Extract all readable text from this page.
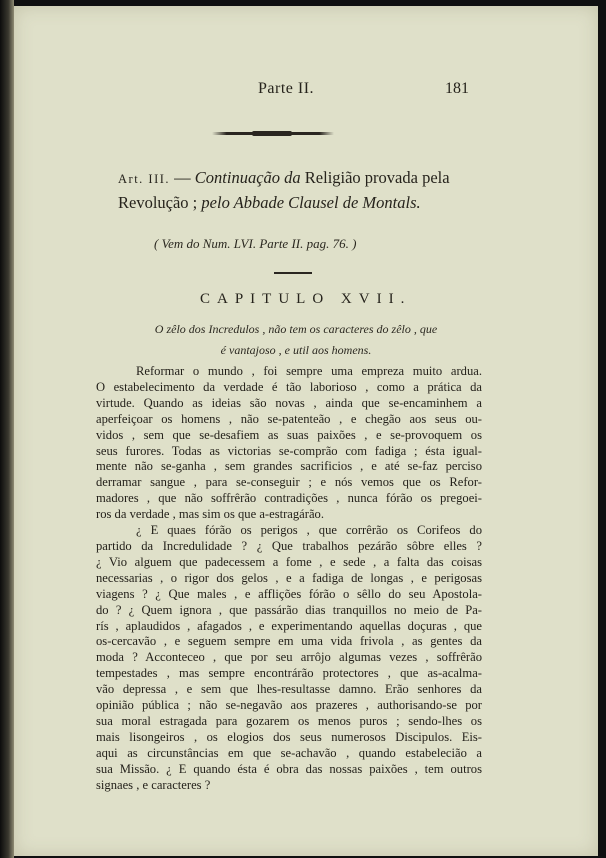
Parte II.	181
Art. III. — Continuação da Religião provada pela Revolução ; pelo Abbade Clausel de Montals.
( Vem do Num. LVI. Parte II. pag. 76. )
CAPITULO XVII.
O zêlo dos Incredulos , não tem os caracteres do zêlo , que
é vantajoso , e util aos homens.
Reformar o mundo , foi sempre uma empreza muito ardua.
O estabelecimento da verdade é tão laborioso , como a prática da
virtude. Quando as ideias são novas , ainda que se-encaminhem a
aperfeiçoar os homens , não se-patenteão , e chegão aos seus ou-
vidos , sem que se-desafiem as suas paixões , e se-provoquem os
seus furores. Todas as victorias se-comprão com fadiga ; ésta igual-
mente não se-ganha , sem grandes sacrificios , e até se-faz perciso
derramar sangue , para se-conseguir ; e nós vemos que os Refor-
madores , que não soffrêrão contradições , nunca fórão os pregoei-
ros da verdade , mas sim os que a-estragárão.
¿ E quaes fórão os perigos , que corrêrão os Corifeos do
partido da Incredulidade ? ¿ Que trabalhos pezárão sôbre elles ?
¿ Vio alguem que padecessem a fome , e sede , a falta das coisas
necessarias , o rigor dos gelos , e a fadiga de longas , e perigosas
viagens ? ¿ Que males , e afflições fórão o sêllo do seu Apostola-
do ? ¿ Quem ignora , que passárão dias tranquillos no meio de Pa-
rís , aplaudidos , afagados , e experimentando aquellas doçuras , que
os-cercavão , e seguem sempre em uma vida frivola , as gentes da
moda ? Acconteceo , que por seu arrôjo algumas vezes , soffrêrão
tempestades , mas sempre encontrárão protectores , que as-acalma-
vão depressa , e sem que lhes-resultasse damno. Erão senhores da
opinião pública ; não se-negavão aos prazeres , authorisando-se por
sua moral estragada para gozarem os menos puros ; sendo-lhes os
mais lisongeiros , os elogios dos seus numerosos Discipulos. Eis-
aqui as circunstâncias em que se-achavão , quando estabelecião a
sua Missão. ¿ E quando ésta é obra das nossas paixões , tem outros
signaes , e caracteres ?
